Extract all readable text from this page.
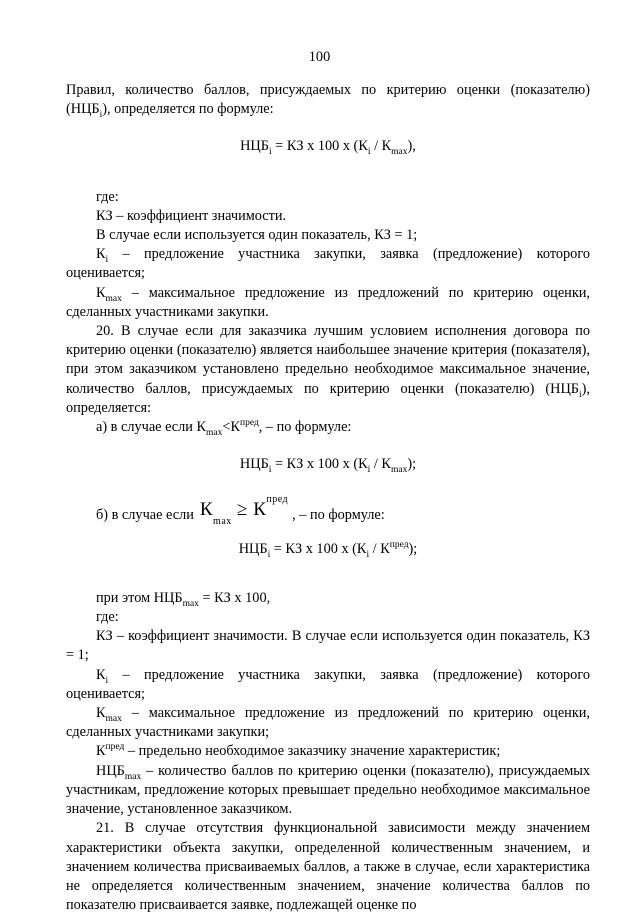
100

Правил, количество баллов, присуждаемых по критерию оценки (показателю) $(НЦБ_i)$, определяется по формуле:

$НЦБ_i$ = КЗ х 100 х $(К_i / К_{max})$,

где:

КЗ – коэффициент значимости.

В случае если используется один показатель, КЗ = 1;

$К_i$ – предложение участника закупки, заявка (предложение) которого оценивается;

$К_{max}$ – максимальное предложение из предложений по критерию оценки, сделанных участниками закупки.

20. В случае если для заказчика лучшим условием исполнения договора по критерию оценки (показателю) является наибольшее значение критерия (показателя), при этом заказчиком установлено предельно необходимое максимальное значение, количество баллов, присуждаемых по критерию оценки (показателю) $(НЦБ_i)$, определяется:

а) в случае если $К_{max}<К^{пред}$, – по формуле:

$НЦБ_i$ = КЗ х 100 х $(К_i / К_{max})$;

б) в случае если $К_{max} \ge К^{пред}$
, – по формуле:

$НЦБ_i$ = КЗ х 100 х $(К_i / К^{пред})$;

при этом $НЦБ_{max}$ = КЗ х 100,

где:

КЗ – коэффициент значимости. В случае если используется один показатель, КЗ = 1;

$К_i$ – предложение участника закупки, заявка (предложение) которого оценивается;

$К_{max}$ – максимальное предложение из предложений по критерию оценки, сделанных участниками закупки;

$К^{пред}$ – предельно необходимое заказчику значение характеристик;

$НЦБ_{max}$ – количество баллов по критерию оценки (показателю), присуждаемых участникам, предложение которых превышает предельно необходимое максимальное значение, установленное заказчиком.

21. В случае отсутствия функциональной зависимости между значением характеристики объекта закупки, определенной количественным значением, и значением количества присваиваемых баллов, а также в случае, если характеристика не определяется количественным значением, значение количества баллов по показателю присваивается заявке, подлежащей оценке по
